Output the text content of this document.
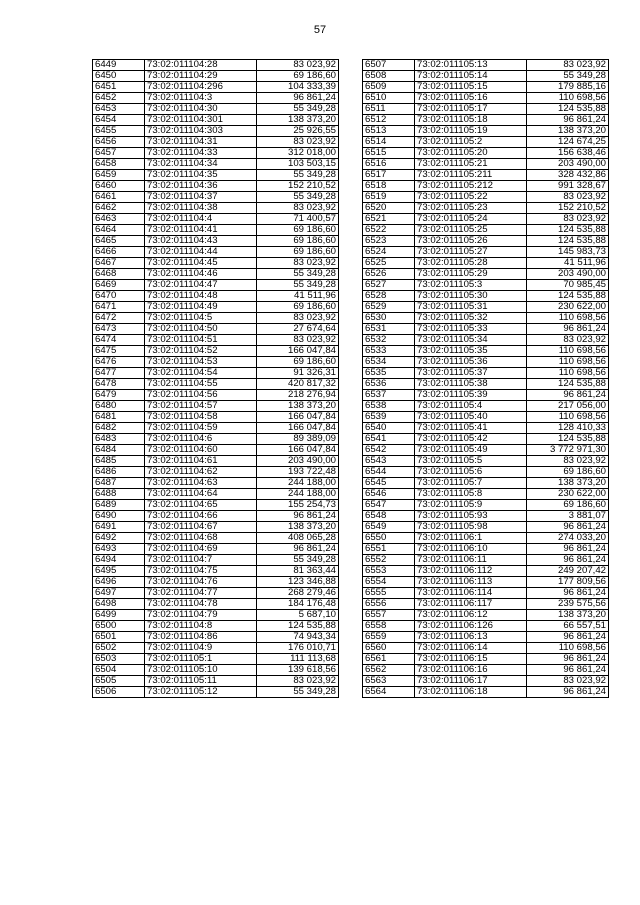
57
6449	73:02:011104:28	83 023,92
6450	73:02:011104:29	69 186,60
6451	73:02:011104:296	104 333,39
6452	73:02:011104:3	96 861,24
6453	73:02:011104:30	55 349,28
6454	73:02:011104:301	138 373,20
6455	73:02:011104:303	25 926,55
6456	73:02:011104:31	83 023,92
6457	73:02:011104:33	312 018,00
6458	73:02:011104:34	103 503,15
6459	73:02:011104:35	55 349,28
6460	73:02:011104:36	152 210,52
6461	73:02:011104:37	55 349,28
6462	73:02:011104:38	83 023,92
6463	73:02:011104:4	71 400,57
6464	73:02:011104:41	69 186,60
6465	73:02:011104:43	69 186,60
6466	73:02:011104:44	69 186,60
6467	73:02:011104:45	83 023,92
6468	73:02:011104:46	55 349,28
6469	73:02:011104:47	55 349,28
6470	73:02:011104:48	41 511,96
6471	73:02:011104:49	69 186,60
6472	73:02:011104:5	83 023,92
6473	73:02:011104:50	27 674,64
6474	73:02:011104:51	83 023,92
6475	73:02:011104:52	166 047,84
6476	73:02:011104:53	69 186,60
6477	73:02:011104:54	91 326,31
6478	73:02:011104:55	420 817,32
6479	73:02:011104:56	218 276,94
6480	73:02:011104:57	138 373,20
6481	73:02:011104:58	166 047,84
6482	73:02:011104:59	166 047,84
6483	73:02:011104:6	89 389,09
6484	73:02:011104:60	166 047,84
6485	73:02:011104:61	203 490,00
6486	73:02:011104:62	193 722,48
6487	73:02:011104:63	244 188,00
6488	73:02:011104:64	244 188,00
6489	73:02:011104:65	155 254,73
6490	73:02:011104:66	96 861,24
6491	73:02:011104:67	138 373,20
6492	73:02:011104:68	408 065,28
6493	73:02:011104:69	96 861,24
6494	73:02:011104:7	55 349,28
6495	73:02:011104:75	81 363,44
6496	73:02:011104:76	123 346,88
6497	73:02:011104:77	268 279,46
6498	73:02:011104:78	184 176,48
6499	73:02:011104:79	5 687,10
6500	73:02:011104:8	124 535,88
6501	73:02:011104:86	74 943,34
6502	73:02:011104:9	176 010,71
6503	73:02:011105:1	111 113,68
6504	73:02:011105:10	139 618,56
6505	73:02:011105:11	83 023,92
6506	73:02:011105:12	55 349,28
6507	73:02:011105:13	83 023,92
6508	73:02:011105:14	55 349,28
6509	73:02:011105:15	179 885,16
6510	73:02:011105:16	110 698,56
6511	73:02:011105:17	124 535,88
6512	73:02:011105:18	96 861,24
6513	73:02:011105:19	138 373,20
6514	73:02:011105:2	124 674,25
6515	73:02:011105:20	156 638,46
6516	73:02:011105:21	203 490,00
6517	73:02:011105:211	328 432,86
6518	73:02:011105:212	991 328,67
6519	73:02:011105:22	83 023,92
6520	73:02:011105:23	152 210,52
6521	73:02:011105:24	83 023,92
6522	73:02:011105:25	124 535,88
6523	73:02:011105:26	124 535,88
6524	73:02:011105:27	145 983,73
6525	73:02:011105:28	41 511,96
6526	73:02:011105:29	203 490,00
6527	73:02:011105:3	70 985,45
6528	73:02:011105:30	124 535,88
6529	73:02:011105:31	230 622,00
6530	73:02:011105:32	110 698,56
6531	73:02:011105:33	96 861,24
6532	73:02:011105:34	83 023,92
6533	73:02:011105:35	110 698,56
6534	73:02:011105:36	110 698,56
6535	73:02:011105:37	110 698,56
6536	73:02:011105:38	124 535,88
6537	73:02:011105:39	96 861,24
6538	73:02:011105:4	217 056,00
6539	73:02:011105:40	110 698,56
6540	73:02:011105:41	128 410,33
6541	73:02:011105:42	124 535,88
6542	73:02:011105:49	3 772 971,30
6543	73:02:011105:5	83 023,92
6544	73:02:011105:6	69 186,60
6545	73:02:011105:7	138 373,20
6546	73:02:011105:8	230 622,00
6547	73:02:011105:9	69 186,60
6548	73:02:011105:93	3 881,07
6549	73:02:011105:98	96 861,24
6550	73:02:011106:1	274 033,20
6551	73:02:011106:10	96 861,24
6552	73:02:011106:11	96 861,24
6553	73:02:011106:112	249 207,42
6554	73:02:011106:113	177 809,56
6555	73:02:011106:114	96 861,24
6556	73:02:011106:117	239 575,56
6557	73:02:011106:12	138 373,20
6558	73:02:011106:126	66 557,51
6559	73:02:011106:13	96 861,24
6560	73:02:011106:14	110 698,56
6561	73:02:011106:15	96 861,24
6562	73:02:011106:16	96 861,24
6563	73:02:011106:17	83 023,92
6564	73:02:011106:18	96 861,24
